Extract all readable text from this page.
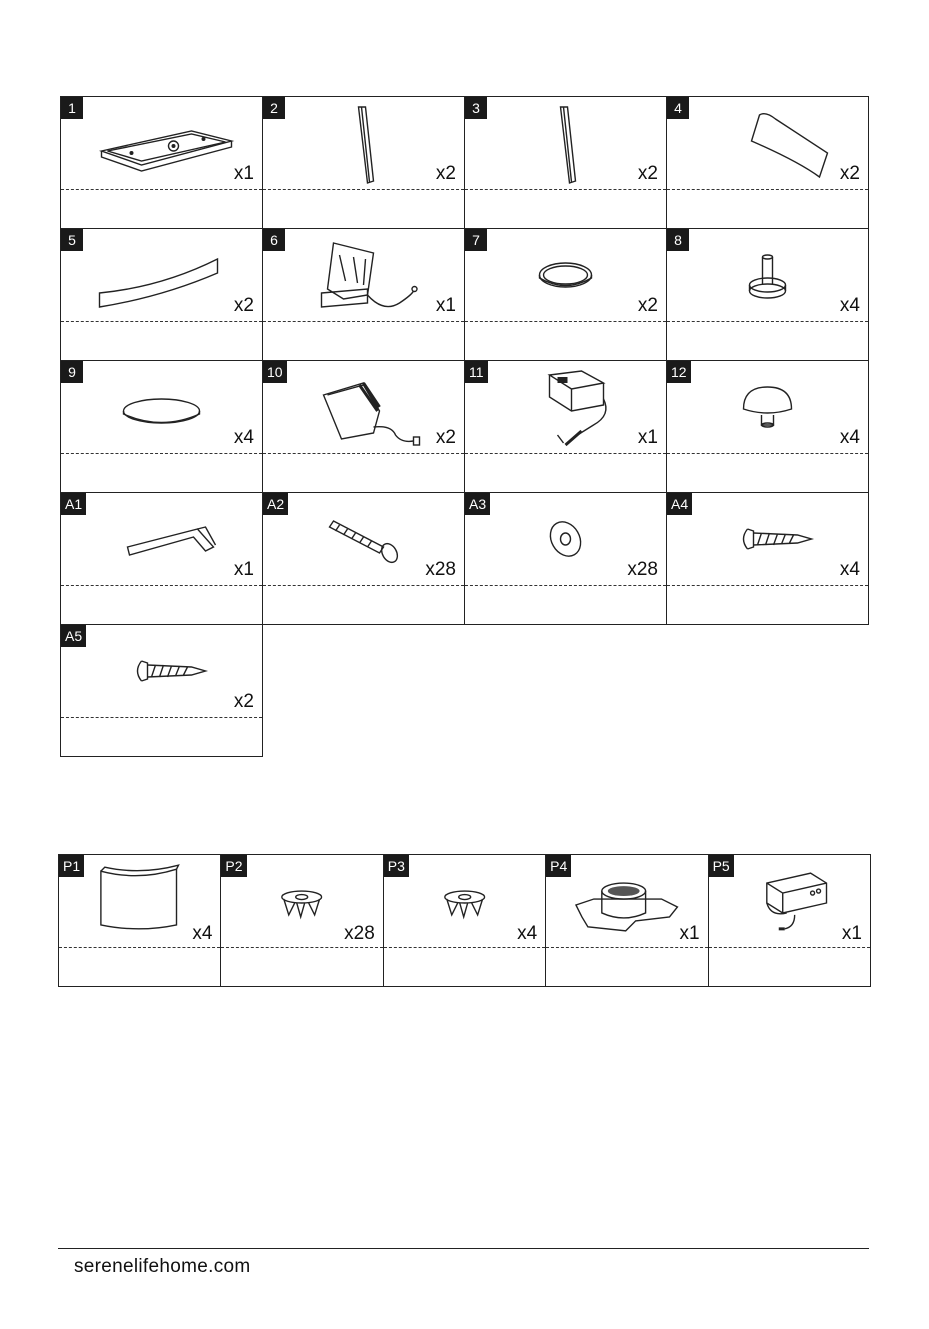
1
x1
2
x2
3
x2
4
x2
5
x2
6
x1
7
x2
8
x4
9
x4
10
x2
11
x1
12
x4
A1
x1
A2
x28
A3
x28
A4
x4
A5
x2
P1
x4
P2
x28
P3
x4
P4
x1
P5
x1
serenelifehome.com
